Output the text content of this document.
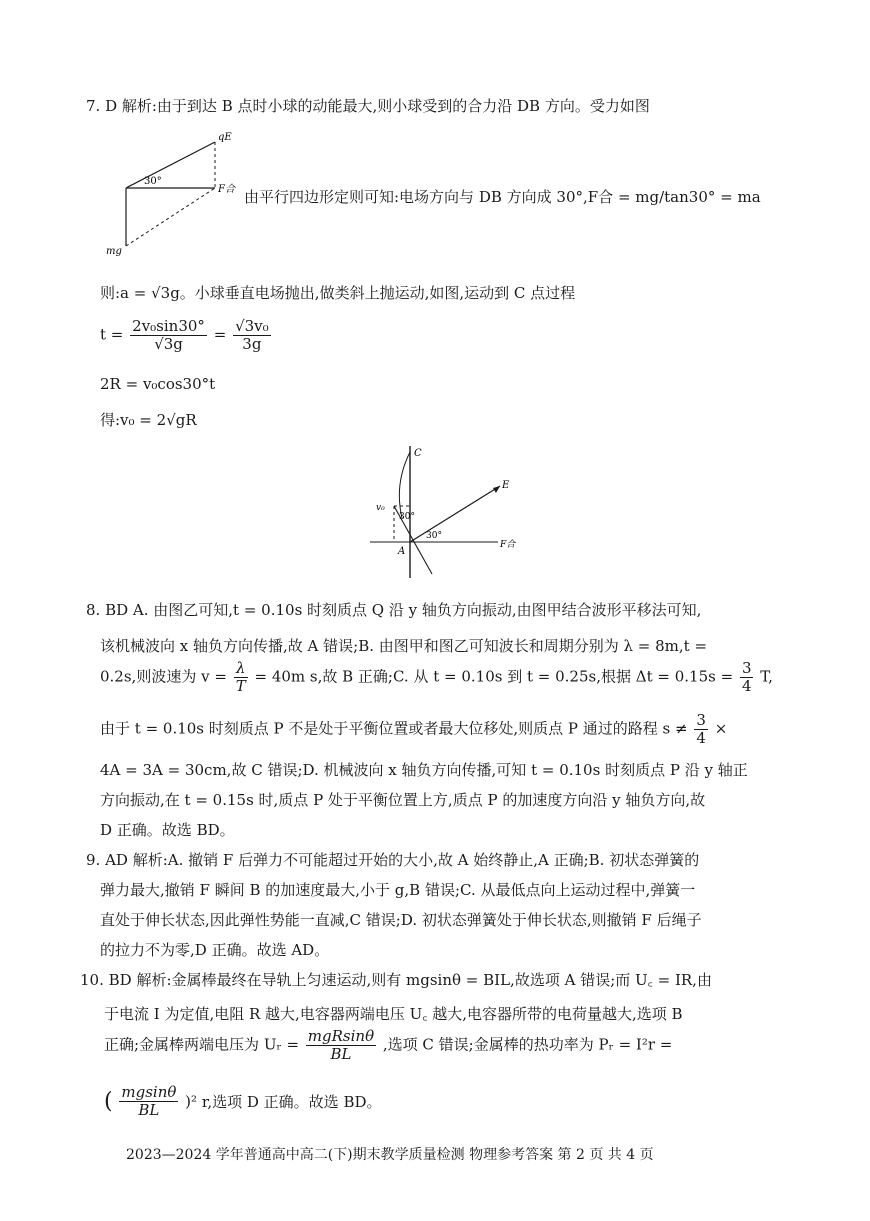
7. D 解析:由于到达 B 点时小球的动能最大,则小球受到的合力沿 DB 方向。受力如图
qE
30°
F合
mg
由平行四边形定则可知:电场方向与 DB 方向成 30°,F合 = mg/tan30° = ma
则:a = √3g。小球垂直电场抛出,做类斜上抛运动,如图,运动到 C 点过程
$t = \frac{\text{2v₀sin30°}}{√3g} = \frac{\text{√3v₀}}{3g}$
2R = v₀cos30°t
得:v₀ = 2√gR
C
E
v₀
30°
30°
A
F合
8. BD A. 由图乙可知,t = 0.10s 时刻质点 Q 沿 y 轴负方向振动,由图甲结合波形平移法可知,
该机械波向 x 轴负方向传播,故 A 错误;B. 由图甲和图乙可知波长和周期分别为 λ = 8m,t =
0.2s,则波速为 $v = \frac{\lambda}{T} = 40m$ s,故 B 正确;C. 从 t = 0.10s 到 t = 0.25s,根据 $\Delta t = 0.15s = \frac{3}{4} T$,
由于 t = 0.10s 时刻质点 P 不是处于平衡位置或者最大位移处,则质点 P 通过的路程 $s \ne \frac{3}{4}$ ×
4A = 3A = 30cm,故 C 错误;D. 机械波向 x 轴负方向传播,可知 t = 0.10s 时刻质点 P 沿 y 轴正
方向振动,在 t = 0.15s 时,质点 P 处于平衡位置上方,质点 P 的加速度方向沿 y 轴负方向,故
D 正确。故选 BD。
9. AD 解析:A. 撤销 F 后弹力不可能超过开始的大小,故 A 始终静止,A 正确;B. 初状态弹簧的
弹力最大,撤销 F 瞬间 B 的加速度最大,小于 g,B 错误;C. 从最低点向上运动过程中,弹簧一
直处于伸长状态,因此弹性势能一直减,C 错误;D. 初状态弹簧处于伸长状态,则撤销 F 后绳子
的拉力不为零,D 正确。故选 AD。
10. BD 解析:金属棒最终在导轨上匀速运动,则有 mgsinθ = BIL,故选项 A 错误;而 U꜀ = IR,由
于电流 I 为定值,电阻 R 越大,电容器两端电压 U꜀ 越大,电容器所带的电荷量越大,选项 B
正确;金属棒两端电压为 Uᵣ = $\frac{\text{mgRsinθ}}{BL}$ ,选项 C 错误;金属棒的热功率为 Pᵣ = I²r =
( $\frac{mgsin\theta}{BL} )^2$ r,选项 D 正确。故选 BD。
2023—2024 学年普通高中高二(下)期末教学质量检测 物理参考答案 第 2 页 共 4 页
